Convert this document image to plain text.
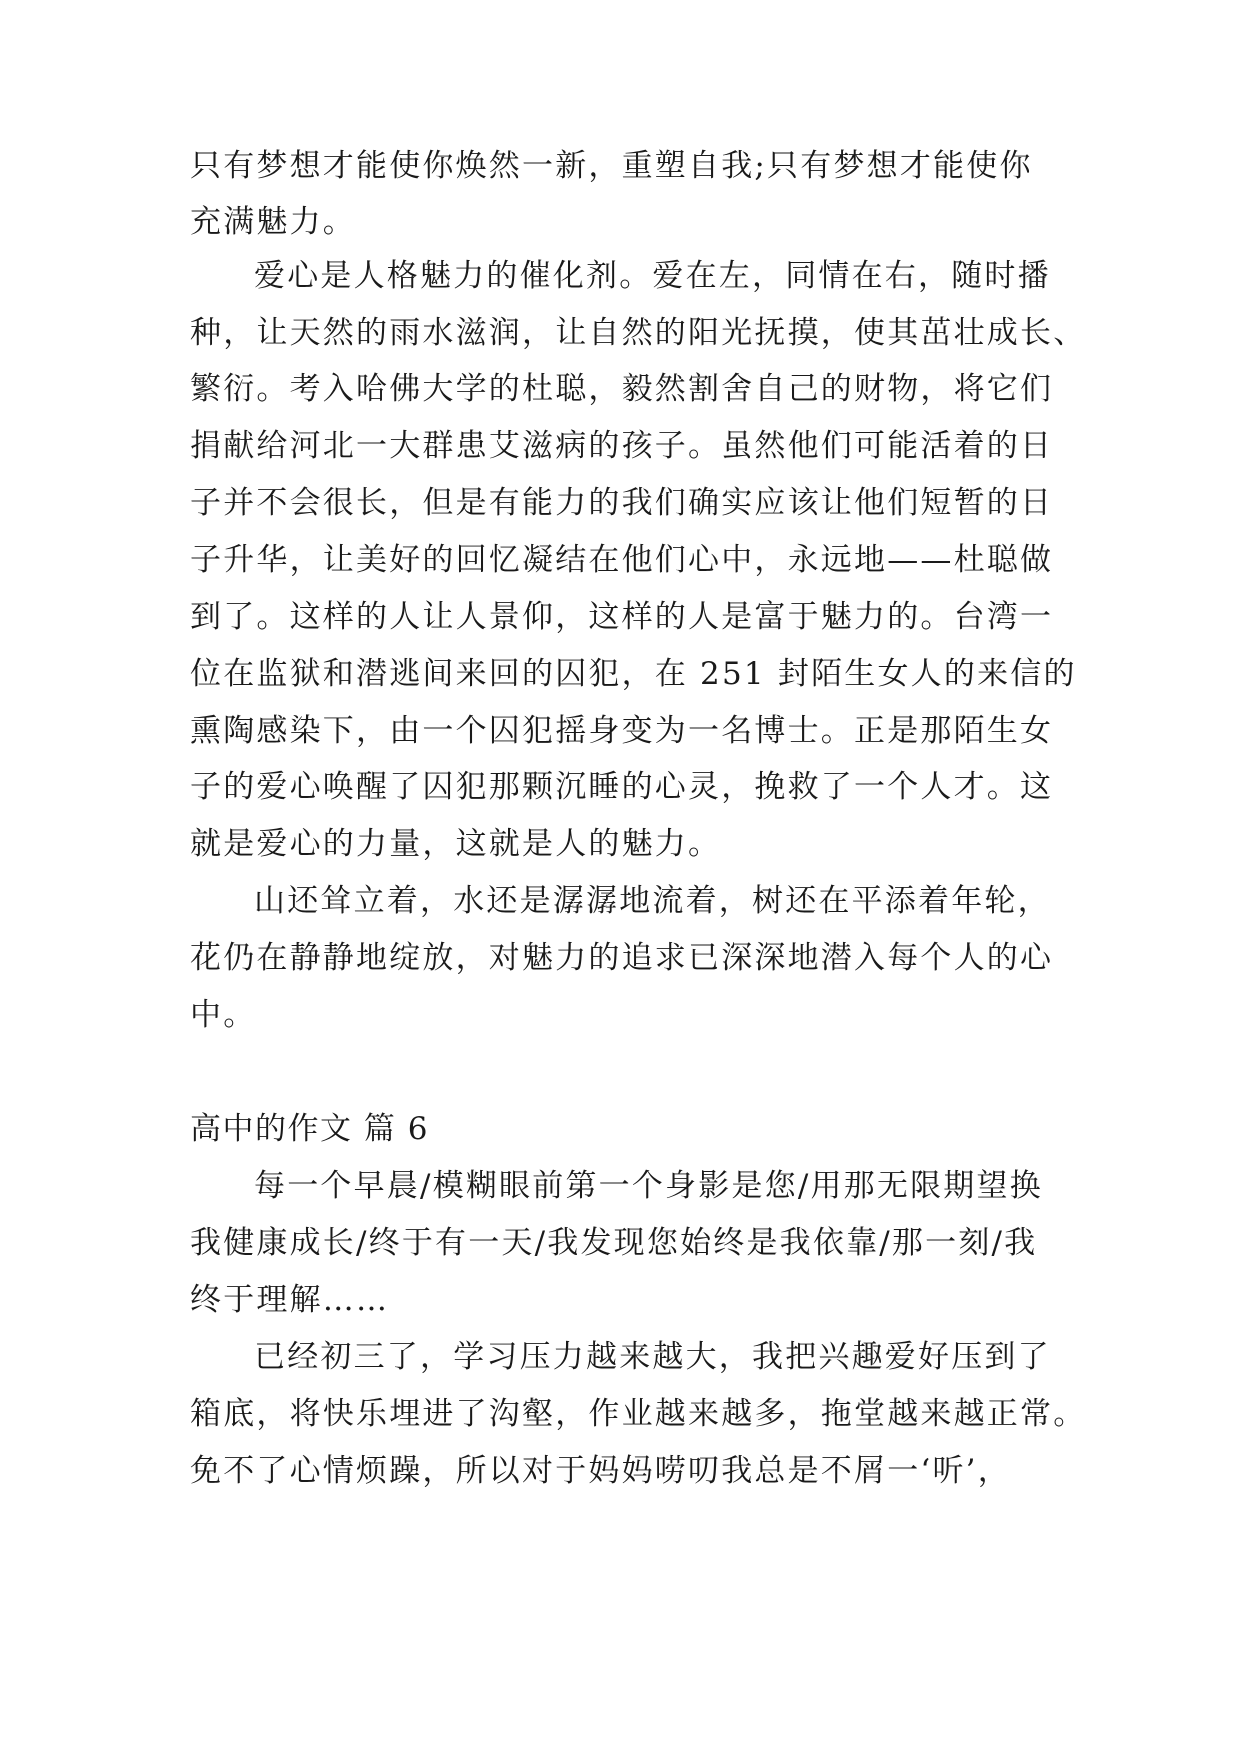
只有梦想才能使你焕然一新，重塑自我;只有梦想才能使你
充满魅力。
爱心是人格魅力的催化剂。爱在左，同情在右，随时播
种，让天然的雨水滋润，让自然的阳光抚摸，使其茁壮成长、
繁衍。考入哈佛大学的杜聪，毅然割舍自己的财物，将它们
捐献给河北一大群患艾滋病的孩子。虽然他们可能活着的日
子并不会很长，但是有能力的我们确实应该让他们短暂的日
子升华，让美好的回忆凝结在他们心中，永远地——杜聪做
到了。这样的人让人景仰，这样的人是富于魅力的。台湾一
位在监狱和潜逃间来回的囚犯，在 251 封陌生女人的来信的
熏陶感染下，由一个囚犯摇身变为一名博士。正是那陌生女
子的爱心唤醒了囚犯那颗沉睡的心灵，挽救了一个人才。这
就是爱心的力量，这就是人的魅力。
山还耸立着，水还是潺潺地流着，树还在平添着年轮，
花仍在静静地绽放，对魅力的追求已深深地潜入每个人的心
中。
高中的作文 篇 6
每一个早晨/模糊眼前第一个身影是您/用那无限期望换
我健康成长/终于有一天/我发现您始终是我依靠/那一刻/我
终于理解……
已经初三了，学习压力越来越大，我把兴趣爱好压到了
箱底，将快乐埋进了沟壑，作业越来越多，拖堂越来越正常。
免不了心情烦躁，所以对于妈妈唠叨我总是不屑一‘听’，
